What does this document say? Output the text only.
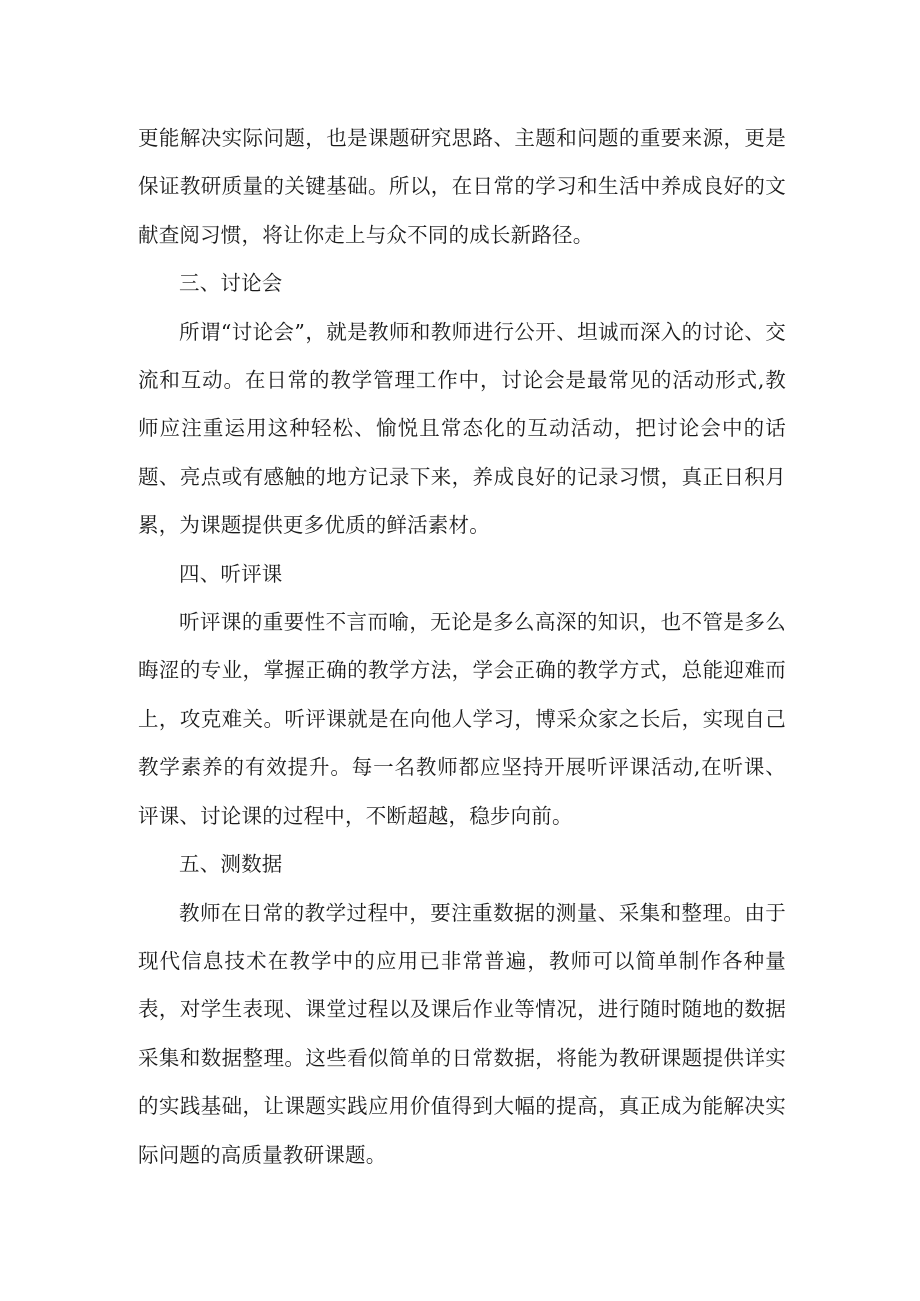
更能解决实际问题，也是课题研究思路、主题和问题的重要来源，更是保证教研质量的关键基础。所以，在日常的学习和生活中养成良好的文献查阅习惯，将让你走上与众不同的成长新路径。

三、讨论会

所谓“讨论会”，就是教师和教师进行公开、坦诚而深入的讨论、交流和互动。在日常的教学管理工作中，讨论会是最常见的活动形式,教师应注重运用这种轻松、愉悦且常态化的互动活动，把讨论会中的话题、亮点或有感触的地方记录下来，养成良好的记录习惯，真正日积月累，为课题提供更多优质的鲜活素材。

四、听评课

听评课的重要性不言而喻，无论是多么高深的知识，也不管是多么晦涩的专业，掌握正确的教学方法，学会正确的教学方式，总能迎难而上，攻克难关。听评课就是在向他人学习，博采众家之长后，实现自己教学素养的有效提升。每一名教师都应坚持开展听评课活动,在听课、评课、讨论课的过程中，不断超越，稳步向前。

五、测数据

教师在日常的教学过程中，要注重数据的测量、采集和整理。由于现代信息技术在教学中的应用已非常普遍，教师可以简单制作各种量表，对学生表现、课堂过程以及课后作业等情况，进行随时随地的数据采集和数据整理。这些看似简单的日常数据，将能为教研课题提供详实的实践基础，让课题实践应用价值得到大幅的提高，真正成为能解决实际问题的高质量教研课题。
